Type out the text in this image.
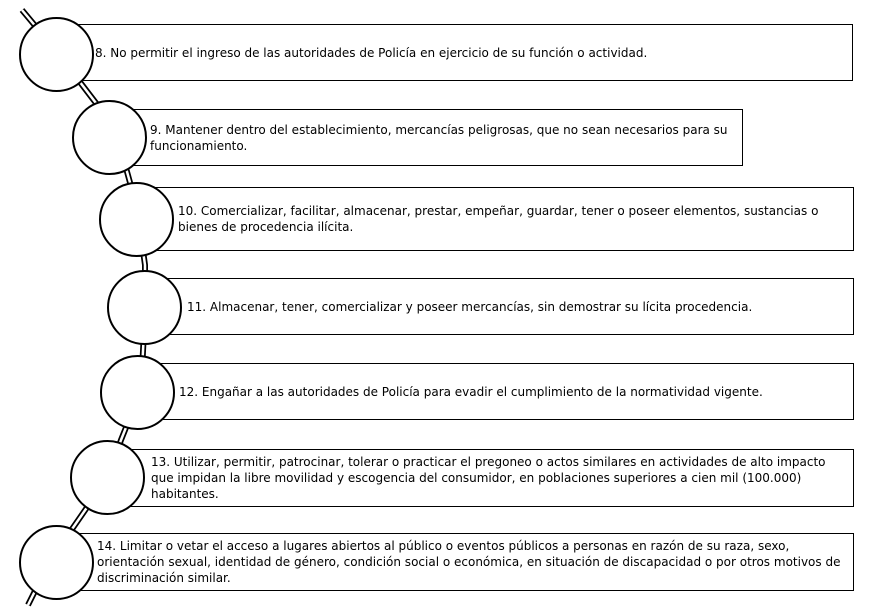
8. No permitir el ingreso de las autoridades de Policía en ejercicio de su función o actividad.
9. Mantener dentro del establecimiento, mercancías peligrosas, que no sean necesarios para su funcionamiento.
10. Comercializar, facilitar, almacenar, prestar, empeñar, guardar, tener o poseer elementos, sustancias o bienes de procedencia ilícita.
11. Almacenar, tener, comercializar y poseer mercancías, sin demostrar su lícita procedencia.
12. Engañar a las autoridades de Policía para evadir el cumplimiento de la normatividad vigente.
13. Utilizar, permitir, patrocinar, tolerar o practicar el pregoneo o actos similares en actividades de alto impacto que impidan la libre movilidad y escogencia del consumidor, en poblaciones superiores a cien mil (100.000) habitantes.
14. Limitar o vetar el acceso a lugares abiertos al público o eventos públicos a personas en razón de su raza, sexo, orientación sexual, identidad de género, condición social o económica, en situación de discapacidad o por otros motivos de discriminación similar.
